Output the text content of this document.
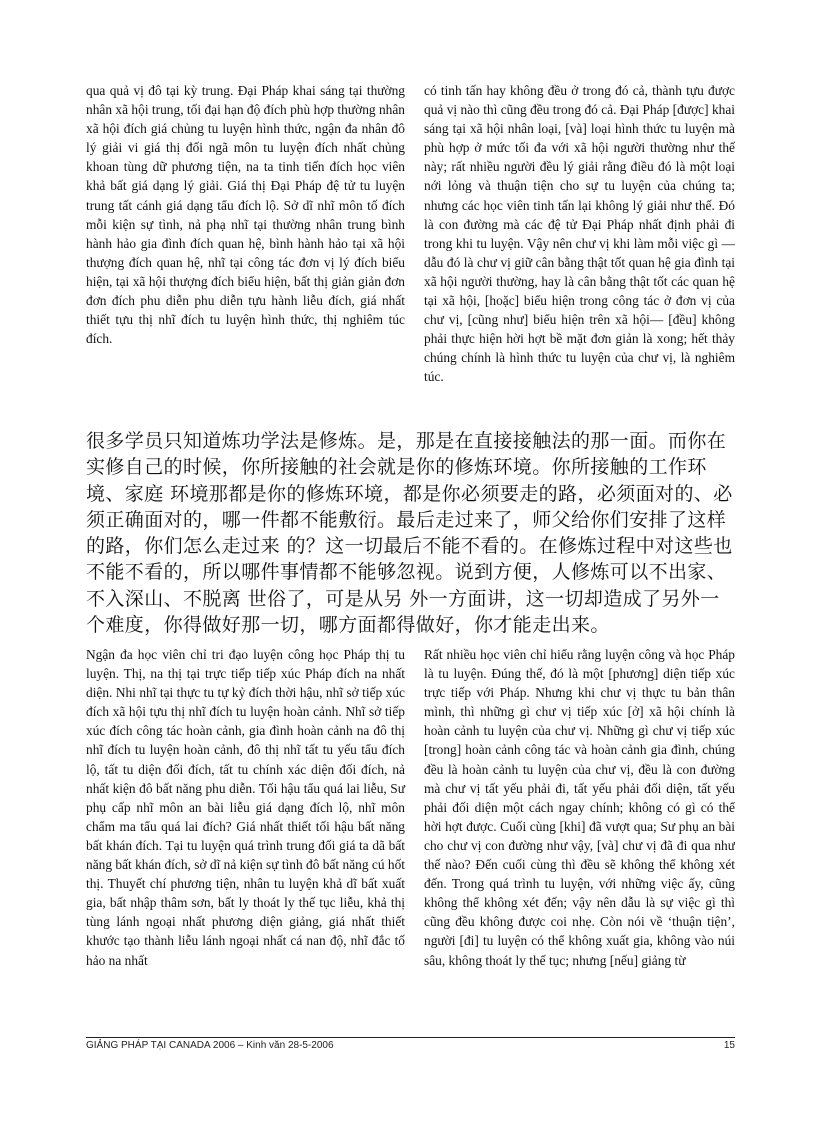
qua quả vị đô tại kỳ trung. Đại Pháp khai sáng tại thường nhân xã hội trung, tối đại hạn độ đích phù hợp thường nhân xã hội đích giá chủng tu luyện hình thức, ngận đa nhân đô lý giải vi giá thị đối ngã môn tu luyện đích nhất chủng khoan tùng dữ phương tiện, na ta tinh tiến đích học viên khả bất giá dạng lý giải. Giá thị Đại Pháp đệ tử tu luyện trung tất cánh giá dạng tẩu đích lộ. Sở dĩ nhĩ môn tố đích mỗi kiện sự tình, nả phạ nhĩ tại thường nhân trung bình hành hảo gia đình đích quan hệ, bình hành hảo tại xã hội thượng đích quan hệ, nhĩ tại công tác đơn vị lý đích biểu hiện, tại xã hội thượng đích biểu hiện, bất thị giản giản đơn đơn đích phu diễn phu diễn tựu hành liễu đích, giá nhất thiết tựu thị nhĩ đích tu luyện hình thức, thị nghiêm túc đích.

có tinh tấn hay không đều ở trong đó cả, thành tựu được quả vị nào thì cũng đều trong đó cả. Đại Pháp [được] khai sáng tại xã hội nhân loại, [và] loại hình thức tu luyện mà phù hợp ở mức tối đa với xã hội người thường như thế này; rất nhiều người đều lý giải rằng điều đó là một loại nới lỏng và thuận tiện cho sự tu luyện của chúng ta; nhưng các học viên tinh tấn lại không lý giải như thế. Đó là con đường mà các đệ tử Đại Pháp nhất định phải đi trong khi tu luyện. Vậy nên chư vị khi làm mỗi việc gì —dẫu đó là chư vị giữ cân bằng thật tốt quan hệ gia đình tại xã hội người thường, hay là cân bằng thật tốt các quan hệ tại xã hội, [hoặc] biểu hiện trong công tác ở đơn vị của chư vị, [cũng như] biểu hiện trên xã hội— [đều] không phải thực hiện hời hợt bề mặt đơn giản là xong; hết thảy chúng chính là hình thức tu luyện của chư vị, là nghiêm túc.

很多学员只知道炼功学法是修炼。是，那是在直接接触法的那一面。而你在实修自己的时候，你所接触的社会就是你的修炼环境。你所接触的工作环境、家庭 环境那都是你的修炼环境，都是你必须要走的路，必须面对的、必须正确面对的，哪一件都不能敷衍。最后走过来了，师父给你们安排了这样的路，你们怎么走过来 的？这一切最后不能不看的。在修炼过程中对这些也不能不看的，所以哪件事情都不能够忽视。说到方便，人修炼可以不出家、不入深山、不脱离 世俗了，可是从另 外一方面讲，这一切却造成了另外一个难度，你得做好那一切，哪方面都得做好，你才能走出来。

Ngận đa học viên chỉ tri đạo luyện công học Pháp thị tu luyện. Thị, na thị tại trực tiếp tiếp xúc Pháp đích na nhất diện. Nhi nhĩ tại thực tu tự kỷ đích thời hậu, nhĩ sở tiếp xúc đích xã hội tựu thị nhĩ đích tu luyện hoàn cảnh. Nhĩ sở tiếp xúc đích công tác hoàn cảnh, gia đình hoàn cảnh na đô thị nhĩ đích tu luyện hoàn cảnh, đô thị nhĩ tất tu yếu tẩu đích lộ, tất tu diện đối đích, tất tu chính xác diện đối đích, nả nhất kiện đô bất năng phu diễn. Tối hậu tẩu quá lai liễu, Sư phụ cấp nhĩ môn an bài liễu giá dạng đích lộ, nhĩ môn chẩm ma tẩu quá lai đích? Giá nhất thiết tối hậu bất năng bất khán đích. Tại tu luyện quá trình trung đối giá ta dã bất năng bất khán đích, sở dĩ nả kiện sự tình đô bất năng cú hốt thị. Thuyết chí phương tiện, nhân tu luyện khả dĩ bất xuất gia, bất nhập thâm sơn, bất ly thoát ly thế tục liễu, khả thị tùng lánh ngoại nhất phương diện giảng, giá nhất thiết khước tạo thành liễu lánh ngoại nhất cá nan độ, nhĩ đắc tố hảo na nhất

Rất nhiều học viên chỉ hiểu rằng luyện công và học Pháp là tu luyện. Đúng thế, đó là một [phương] diện tiếp xúc trực tiếp với Pháp. Nhưng khi chư vị thực tu bản thân mình, thì những gì chư vị tiếp xúc [ở] xã hội chính là hoàn cảnh tu luyện của chư vị. Những gì chư vị tiếp xúc [trong] hoàn cảnh công tác và hoàn cảnh gia đình, chúng đều là hoàn cảnh tu luyện của chư vị, đều là con đường mà chư vị tất yếu phải đi, tất yếu phải đối diện, tất yếu phải đối diện một cách ngay chính; không có gì có thể hời hợt được. Cuối cùng [khi] đã vượt qua; Sư phụ an bài cho chư vị con đường như vậy, [và] chư vị đã đi qua như thế nào? Đến cuối cùng thì đều sẽ không thể không xét đến. Trong quá trình tu luyện, với những việc ấy, cũng không thể không xét đến; vậy nên dẫu là sự việc gì thì cũng đều không được coi nhẹ. Còn nói về ‘thuận tiện’, người [đi] tu luyện có thể không xuất gia, không vào núi sâu, không thoát ly thế tục; nhưng [nếu] giảng từ

GIẢNG PHÁP TẠI CANADA 2006 – Kinh văn 28-5-2006	15
